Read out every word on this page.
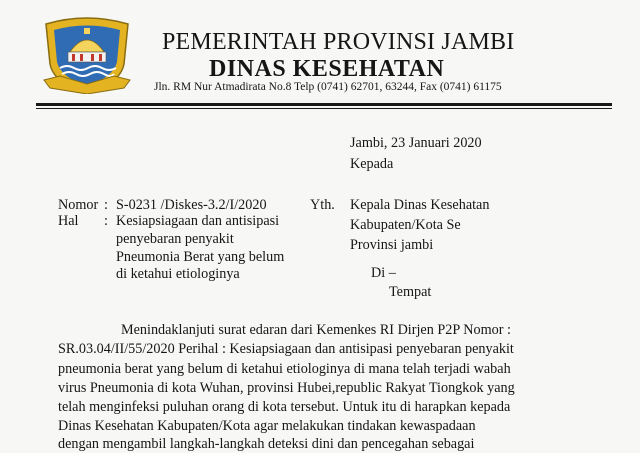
PEMERINTAH PROVINSI JAMBI
DINAS KESEHATAN
Jln. RM Nur Atmadirata No.8 Telp (0741) 62701, 63244, Fax (0741) 61175
Jambi, 23 Januari 2020
Kepada
Nomor : S-0231 /Diskes-3.2/I/2020
Hal : Kesiapsiagaan dan antisipasi
penyebaran penyakit
Pneumonia Berat yang belum
di ketahui etiologinya
Yth. Kepala Dinas Kesehatan
Kabupaten/Kota Se
Provinsi jambi
Di –
Tempat
Menindaklanjuti surat edaran dari Kemenkes RI Dirjen P2P Nomor :
SR.03.04/II/55/2020 Perihal : Kesiapsiagaan dan antisipasi penyebaran penyakit
pneumonia berat yang belum di ketahui etiologinya di mana telah terjadi wabah
virus Pneumonia di kota Wuhan, provinsi Hubei,republic Rakyat Tiongkok yang
telah menginfeksi puluhan orang di kota tersebut. Untuk itu di harapkan kepada
Dinas Kesehatan Kabupaten/Kota agar melakukan tindakan kewaspadaan
dengan mengambil langkah-langkah deteksi dini dan pencegahan sebagai
